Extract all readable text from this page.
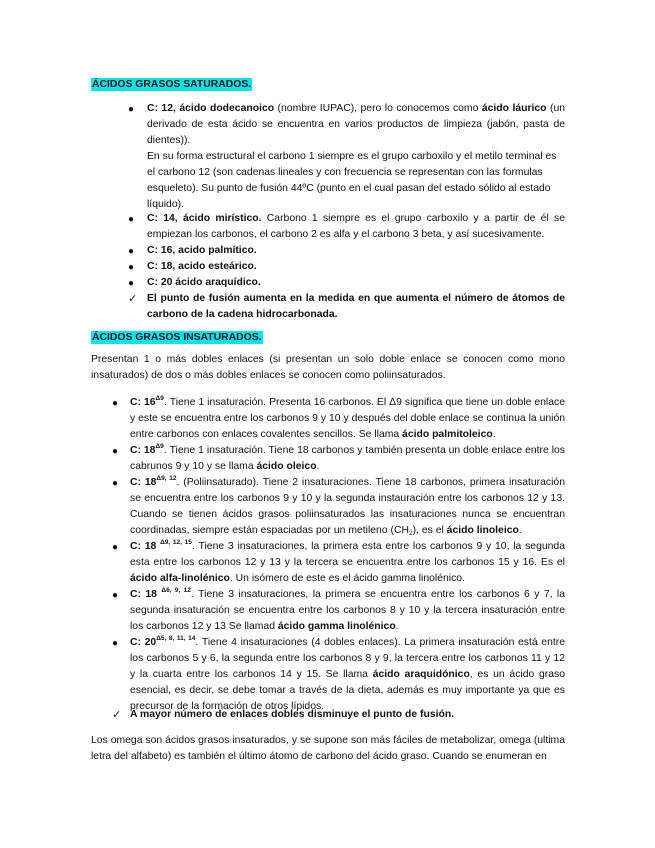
ÁCIDOS GRASOS SATURADOS.
● C: 12, ácido dodecanoico (nombre IUPAC), pero lo conocemos como ácido láurico (un derivado de esta ácido se encuentra en varios productos de limpieza (jabón, pasta de dientes)).
En su forma estructural el carbono 1 siempre es el grupo carboxilo y el metilo terminal es el carbono 12 (son cadenas lineales y con frecuencia se representan con las formulas esqueleto). Su punto de fusión 44ºC (punto en el cual pasan del estado sólido al estado líquido).
● C: 14, ácido mirístico. Carbono 1 siempre es el grupo carboxilo y a partir de él se empiezan los carbonos, el carbono 2 es alfa y el carbono 3 beta, y así sucesivamente.
● C: 16, acido palmítico.
● C: 18, acido esteárico.
● C: 20 ácido araquídico.
✓ El punto de fusión aumenta en la medida en que aumenta el número de átomos de carbono de la cadena hidrocarbonada.
ÁCIDOS GRASOS INSATURADOS.
Presentan 1 o más dobles enlaces (si presentan un solo doble enlace se conocen como mono insaturados) de dos o más dobles enlaces se conocen como poliinsaturados.
● C: $16^{\Delta 9}$. Tiene 1 insaturación. Presenta 16 carbonos. El Δ9 significa que tiene un doble enlace y este se encuentra entre los carbonos 9 y 10 y después del doble enlace se continua la unión entre carbonos con enlaces covalentes sencillos. Se llama ácido palmitoleico.
● C: $18^{\Delta 9}$. Tiene 1 insaturación. Tiene 18 carbonos y también presenta un doble enlace entre los cabrunos 9 y 10 y se llama ácido oleico.
● C: $18^{\Delta 9, 12}$. (Poliinsaturado). Tiene 2 insaturaciones. Tiene 18 carbonos, primera insaturación se encuentra entre los carbonos 9 y 10 y la segunda instauración entre los carbonos 12 y 13. Cuando se tienen ácidos grasos poliinsaturados las insaturaciones nunca se encuentran coordinadas, siempre están espaciadas por un metileno $(CH_2)$, es el ácido linoleico.
● C: 18 $^{\Delta 9, 12, 15}$. Tiene 3 insaturaciones, la primera esta entre los carbonos 9 y 10, la segunda esta entre los carbonos 12 y 13 y la tercera se encuentra entre los carbonos 15 y 16. Es el ácido alfa-linolénico. Un isómero de este es el ácido gamma linolénico.
● C: 18 $^{\Delta 6, 9, 12}$. Tiene 3 insaturaciones, la primera se encuentra entre los carbonos 6 y 7, la segunda insaturación se encuentra entre los carbonos 8 y 10 y la tercera insaturación entre los carbonos 12 y 13 Se llamad ácido gamma linolénico.
● C: $20^{\Delta 5, 8, 11, 14}$. Tiene 4 insaturaciones (4 dobles enlaces). La primera insaturación está entre los carbonos 5 y 6, la segunda entre los carbonos 8 y 9, la tercera entre los carbonos 11 y 12 y la cuarta entre los carbonos 14 y 15. Se llama ácido araquidónico, es un ácido graso esencial, es decir, se debe tomar a través de la dieta, además es muy importante ya que es precursor de la formación de otros lípidos.
✓ A mayor número de enlaces dobles disminuye el punto de fusión.
Los omega son ácidos grasos insaturados, y se supone son más fáciles de metabolizar, omega (ultima letra del alfabeto) es también el último átomo de carbono del ácido graso. Cuando se enumeran en
